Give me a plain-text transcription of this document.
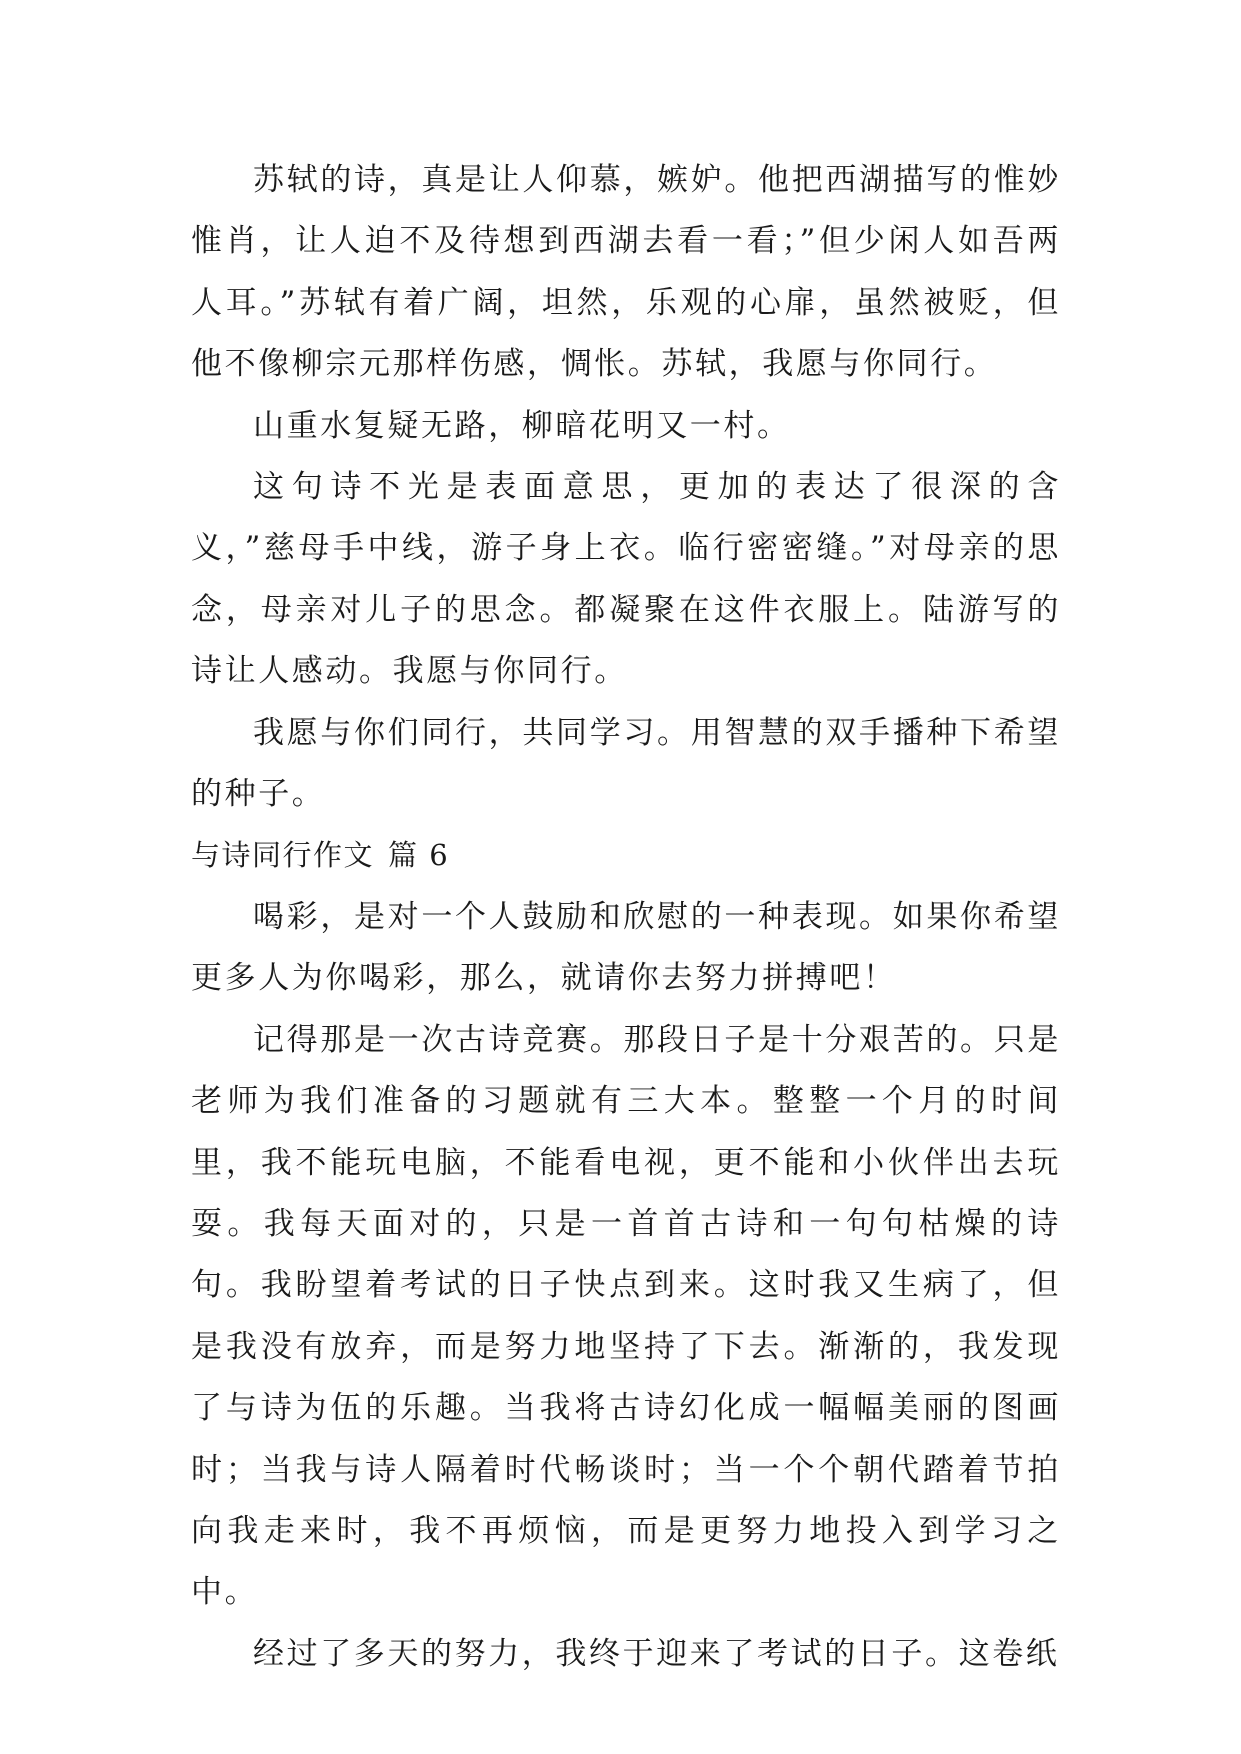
苏轼的诗，真是让人仰慕，嫉妒。他把西湖描写的惟妙惟肖，让人迫不及待想到西湖去看一看；”但少闲人如吾两人耳。”苏轼有着广阔，坦然，乐观的心扉，虽然被贬，但他不像柳宗元那样伤感，惆怅。苏轼，我愿与你同行。

山重水复疑无路，柳暗花明又一村。

这句诗不光是表面意思，更加的表达了很深的含义，”慈母手中线，游子身上衣。临行密密缝。”对母亲的思念，母亲对儿子的思念。都凝聚在这件衣服上。陆游写的诗让人感动。我愿与你同行。

我愿与你们同行，共同学习。用智慧的双手播种下希望的种子。

与诗同行作文 篇 6

喝彩，是对一个人鼓励和欣慰的一种表现。如果你希望更多人为你喝彩，那么，就请你去努力拼搏吧！

记得那是一次古诗竞赛。那段日子是十分艰苦的。只是老师为我们准备的习题就有三大本。整整一个月的时间里，我不能玩电脑，不能看电视，更不能和小伙伴出去玩耍。我每天面对的，只是一首首古诗和一句句枯燥的诗句。我盼望着考试的日子快点到来。这时我又生病了，但是我没有放弃，而是努力地坚持了下去。渐渐的，我发现了与诗为伍的乐趣。当我将古诗幻化成一幅幅美丽的图画时；当我与诗人隔着时代畅谈时；当一个个朝代踏着节拍向我走来时，我不再烦恼，而是更努力地投入到学习之中。

经过了多天的努力，我终于迎来了考试的日子。这卷纸
